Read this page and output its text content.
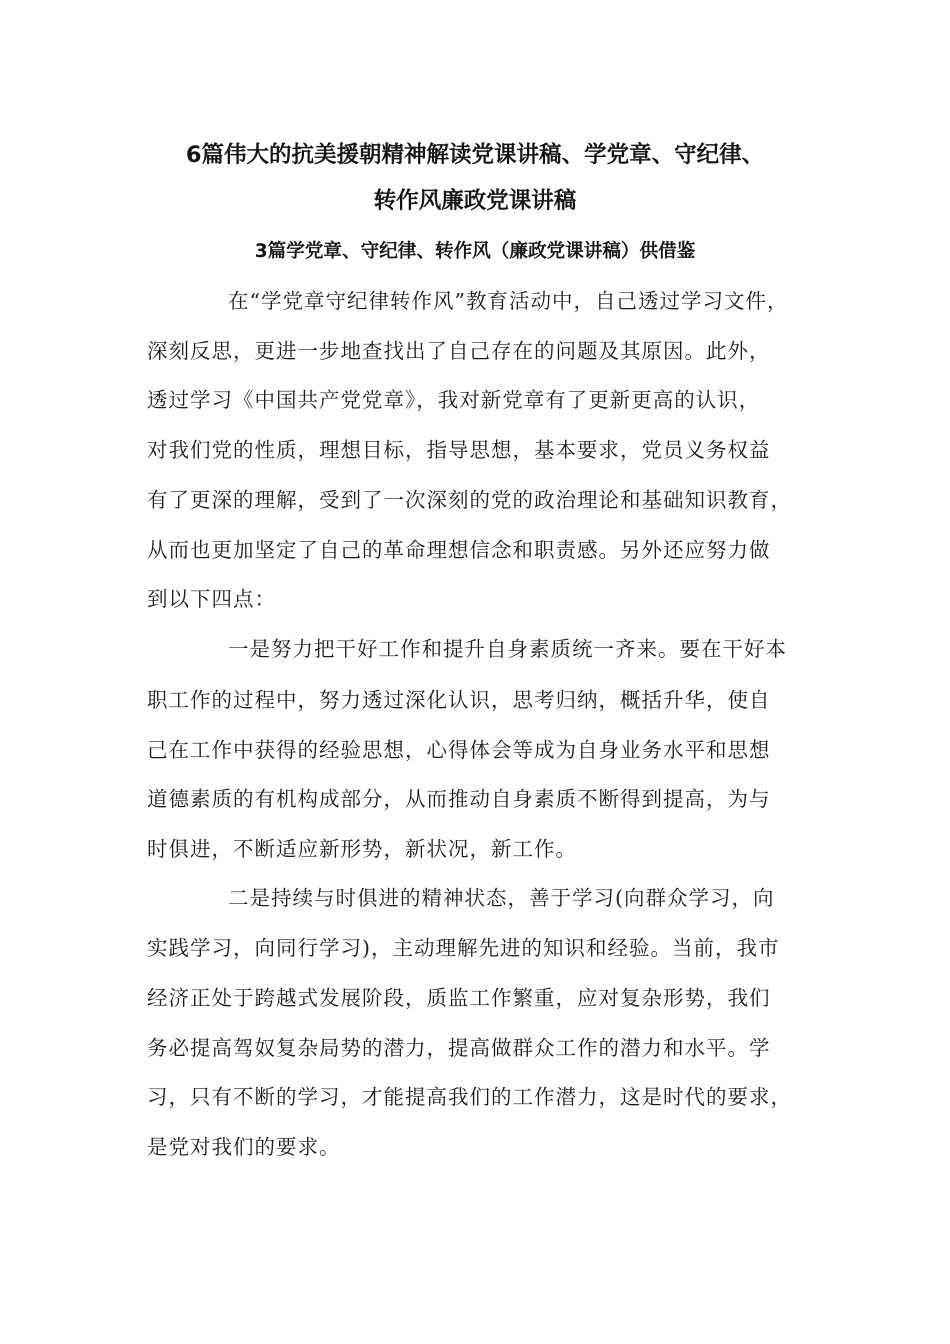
6篇伟大的抗美援朝精神解读党课讲稿、学党章、守纪律、
转作风廉政党课讲稿
3篇学党章、守纪律、转作风（廉政党课讲稿）供借鉴
在“学党章守纪律转作风”教育活动中，自己透过学习文件，
深刻反思，更进一步地查找出了自己存在的问题及其原因。此外，
透过学习《中国共产党党章》，我对新党章有了更新更高的认识，
对我们党的性质，理想目标，指导思想，基本要求，党员义务权益
有了更深的理解，受到了一次深刻的党的政治理论和基础知识教育，
从而也更加坚定了自己的革命理想信念和职责感。另外还应努力做
到以下四点：
一是努力把干好工作和提升自身素质统一齐来。要在干好本
职工作的过程中，努力透过深化认识，思考归纳，概括升华，使自
己在工作中获得的经验思想，心得体会等成为自身业务水平和思想
道德素质的有机构成部分，从而推动自身素质不断得到提高，为与
时俱进，不断适应新形势，新状况，新工作。
二是持续与时俱进的精神状态，善于学习(向群众学习，向
实践学习，向同行学习)，主动理解先进的知识和经验。当前，我市
经济正处于跨越式发展阶段，质监工作繁重，应对复杂形势，我们
务必提高驾奴复杂局势的潜力，提高做群众工作的潜力和水平。学
习，只有不断的学习，才能提高我们的工作潜力，这是时代的要求，
是党对我们的要求。
